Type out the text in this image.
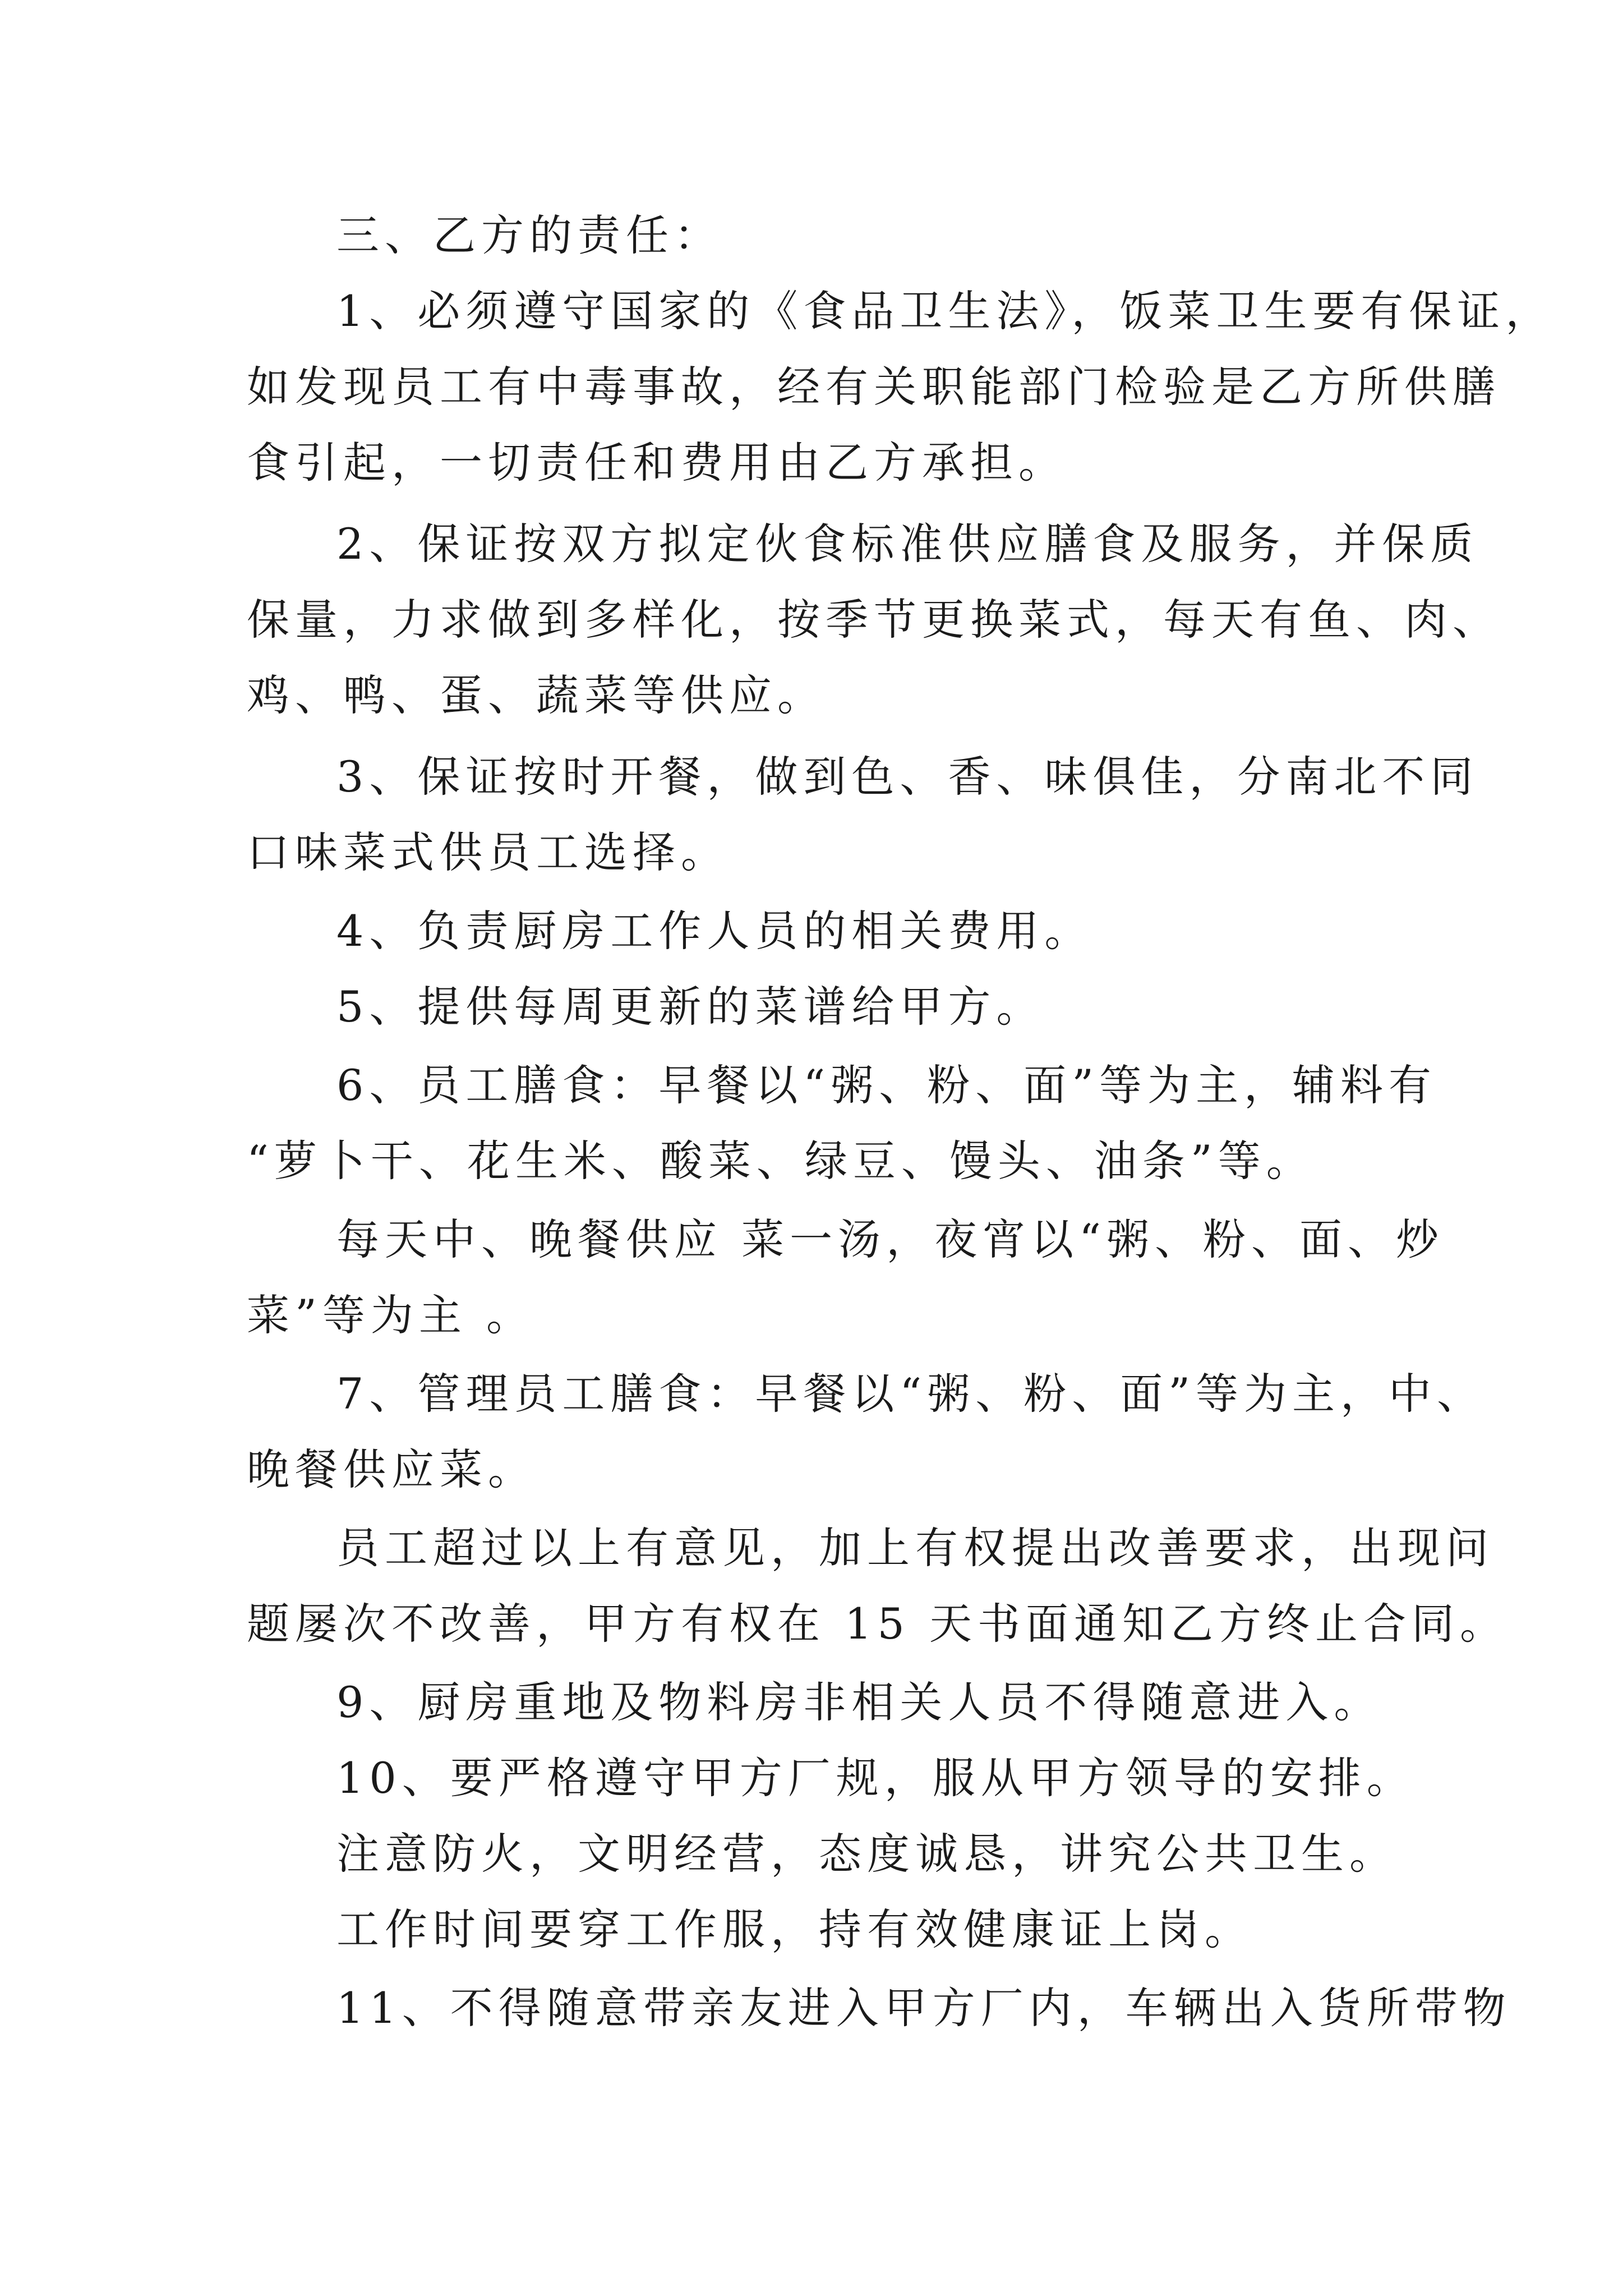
三、乙方的责任：
1、必须遵守国家的《食品卫生法》，饭菜卫生要有保证，
如发现员工有中毒事故，经有关职能部门检验是乙方所供膳
食引起，一切责任和费用由乙方承担。
2、保证按双方拟定伙食标准供应膳食及服务，并保质
保量，力求做到多样化，按季节更换菜式，每天有鱼、肉、
鸡、鸭、蛋、蔬菜等供应。
3、保证按时开餐，做到色、香、味俱佳，分南北不同
口味菜式供员工选择。
4、负责厨房工作人员的相关费用。
5、提供每周更新的菜谱给甲方。
6、员工膳食：早餐以“粥、粉、面”等为主，辅料有
“萝卜干、花生米、酸菜、绿豆、馒头、油条”等。
每天中、晚餐供应 菜一汤，夜宵以“粥、粉、面、炒
菜”等为主 。
7、管理员工膳食：早餐以“粥、粉、面”等为主，中、
晚餐供应菜。
员工超过以上有意见，加上有权提出改善要求，出现问
题屡次不改善，甲方有权在 15 天书面通知乙方终止合同。
9、厨房重地及物料房非相关人员不得随意进入。
10、要严格遵守甲方厂规，服从甲方领导的安排。
注意防火，文明经营，态度诚恳，讲究公共卫生。
工作时间要穿工作服，持有效健康证上岗。
11、不得随意带亲友进入甲方厂内，车辆出入货所带物
